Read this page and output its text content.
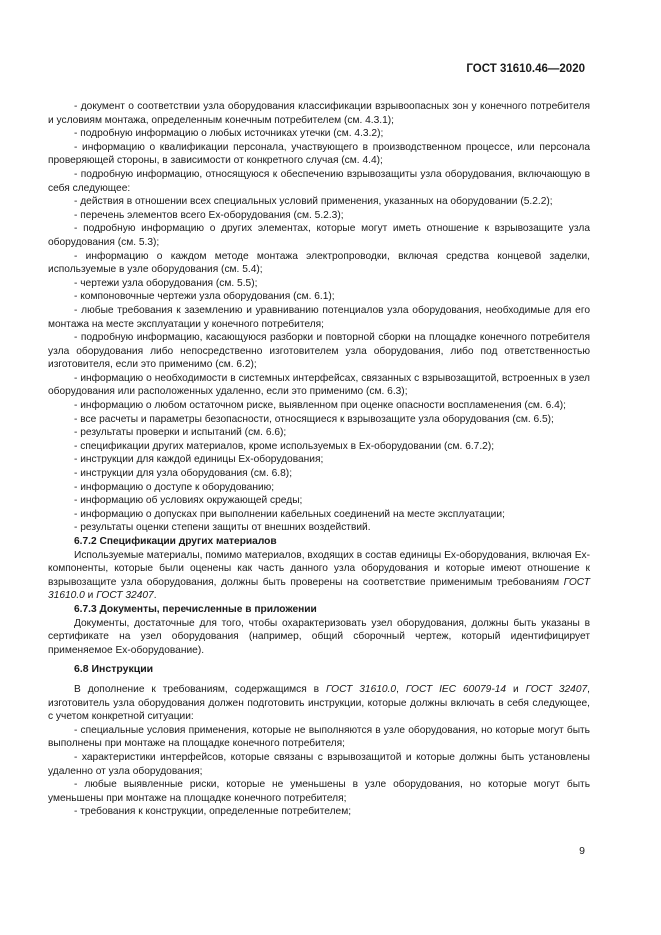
ГОСТ 31610.46—2020

- документ о соответствии узла оборудования классификации взрывоопасных зон у конечного потребителя и условиям монтажа, определенным конечным потребителем (см. 4.3.1);

- подробную информацию о любых источниках утечки (см. 4.3.2);

- информацию о квалификации персонала, участвующего в производственном процессе, или персонала проверяющей стороны, в зависимости от конкретного случая (см. 4.4);

- подробную информацию, относящуюся к обеспечению взрывозащиты узла оборудования, включающую в себя следующее:

- действия в отношении всех специальных условий применения, указанных на оборудовании (5.2.2);

- перечень элементов всего Ex-оборудования (см. 5.2.3);

- подробную информацию о других элементах, которые могут иметь отношение к взрывозащите узла оборудования (см. 5.3);

- информацию о каждом методе монтажа электропроводки, включая средства концевой заделки, используемые в узле оборудования (см. 5.4);

- чертежи узла оборудования (см. 5.5);

- компоновочные чертежи узла оборудования (см. 6.1);

- любые требования к заземлению и уравниванию потенциалов узла оборудования, необходимые для его монтажа на месте эксплуатации у конечного потребителя;

- подробную информацию, касающуюся разборки и повторной сборки на площадке конечного потребителя узла оборудования либо непосредственно изготовителем узла оборудования, либо под ответственностью изготовителя, если это применимо (см. 6.2);

- информацию о необходимости в системных интерфейсах, связанных с взрывозащитой, встроенных в узел оборудования или расположенных удаленно, если это применимо (см. 6.3);

- информацию о любом остаточном риске, выявленном при оценке опасности воспламенения (см. 6.4);

- все расчеты и параметры безопасности, относящиеся к взрывозащите узла оборудования (см. 6.5);

- результаты проверки и испытаний (см. 6.6);

- спецификации других материалов, кроме используемых в Ex-оборудовании (см. 6.7.2);

- инструкции для каждой единицы Ex-оборудования;

- инструкции для узла оборудования (см. 6.8);

- информацию о доступе к оборудованию;

- информацию об условиях окружающей среды;

- информацию о допусках при выполнении кабельных соединений на месте эксплуатации;

- результаты оценки степени защиты от внешних воздействий.

6.7.2 Спецификации других материалов

Используемые материалы, помимо материалов, входящих в состав единицы Ex-оборудования, включая Ex-компоненты, которые были оценены как часть данного узла оборудования и которые имеют отношение к взрывозащите узла оборудования, должны быть проверены на соответствие применимым требованиям ГОСТ 31610.0 и ГОСТ 32407.

6.7.3 Документы, перечисленные в приложении

Документы, достаточные для того, чтобы охарактеризовать узел оборудования, должны быть указаны в сертификате на узел оборудования (например, общий сборочный чертеж, который идентифицирует применяемое Ex-оборудование).

6.8 Инструкции

В дополнение к требованиям, содержащимся в ГОСТ 31610.0, ГОСТ IEC 60079-14 и ГОСТ 32407, изготовитель узла оборудования должен подготовить инструкции, которые должны включать в себя следующее, с учетом конкретной ситуации:

- специальные условия применения, которые не выполняются в узле оборудования, но которые могут быть выполнены при монтаже на площадке конечного потребителя;

- характеристики интерфейсов, которые связаны с взрывозащитой и которые должны быть установлены удаленно от узла оборудования;

- любые выявленные риски, которые не уменьшены в узле оборудования, но которые могут быть уменьшены при монтаже на площадке конечного потребителя;

- требования к конструкции, определенные потребителем;

9
